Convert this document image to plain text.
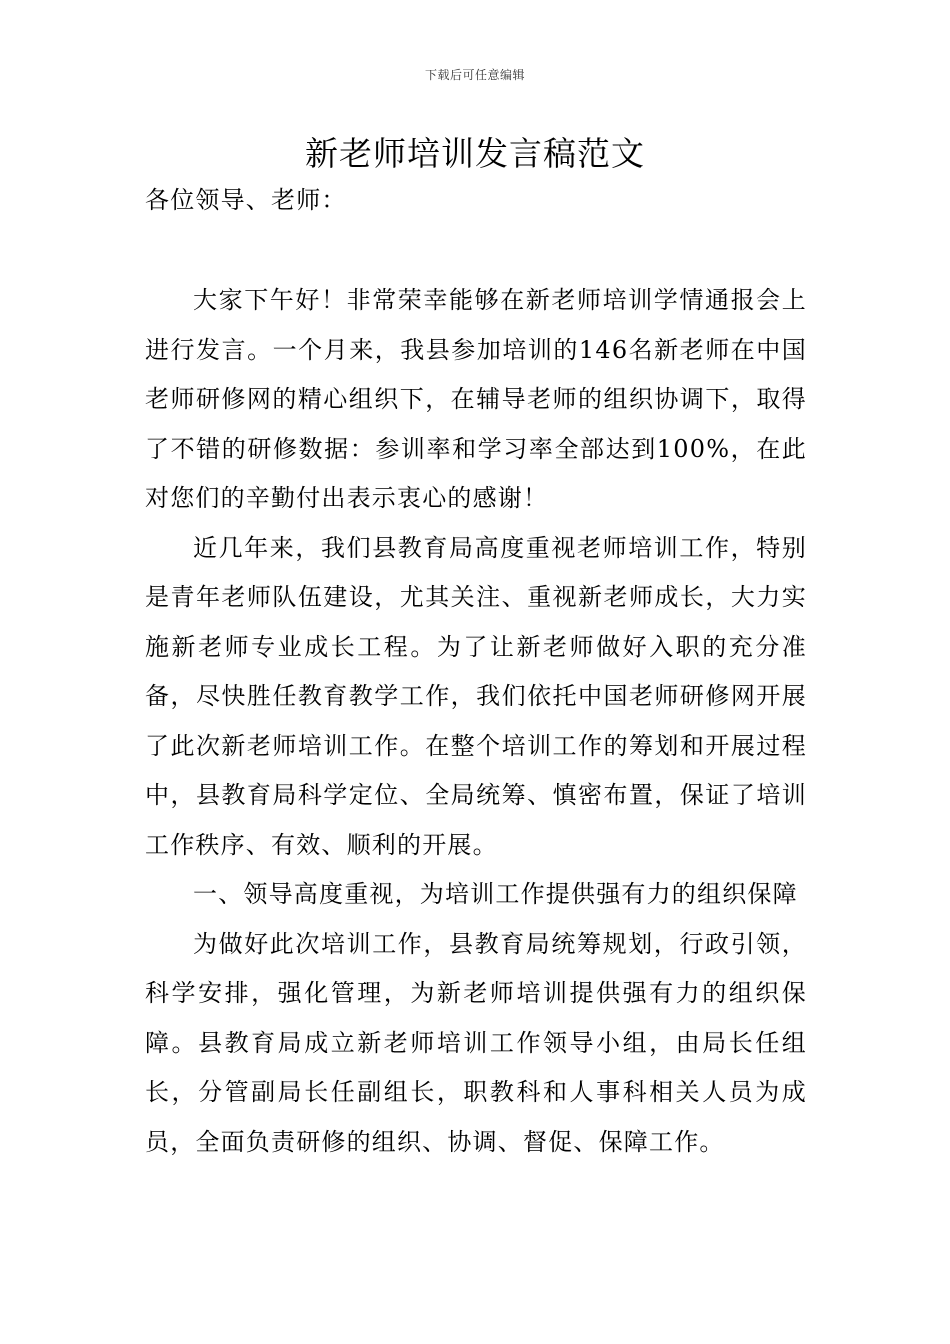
下载后可任意编辑
新老师培训发言稿范文
各位领导、老师：

大家下午好！非常荣幸能够在新老师培训学情通报会上进行发言。一个月来，我县参加培训的146名新老师在中国老师研修网的精心组织下，在辅导老师的组织协调下，取得了不错的研修数据：参训率和学习率全部达到100%，在此对您们的辛勤付出表示衷心的感谢！

近几年来，我们县教育局高度重视老师培训工作，特别是青年老师队伍建设，尤其关注、重视新老师成长，大力实施新老师专业成长工程。为了让新老师做好入职的充分准备，尽快胜任教育教学工作，我们依托中国老师研修网开展了此次新老师培训工作。在整个培训工作的筹划和开展过程中，县教育局科学定位、全局统筹、慎密布置，保证了培训工作秩序、有效、顺利的开展。

一、领导高度重视，为培训工作提供强有力的组织保障

为做好此次培训工作，县教育局统筹规划，行政引领，科学安排，强化管理，为新老师培训提供强有力的组织保障。县教育局成立新老师培训工作领导小组，由局长任组长，分管副局长任副组长，职教科和人事科相关人员为成员，全面负责研修的组织、协调、督促、保障工作。
